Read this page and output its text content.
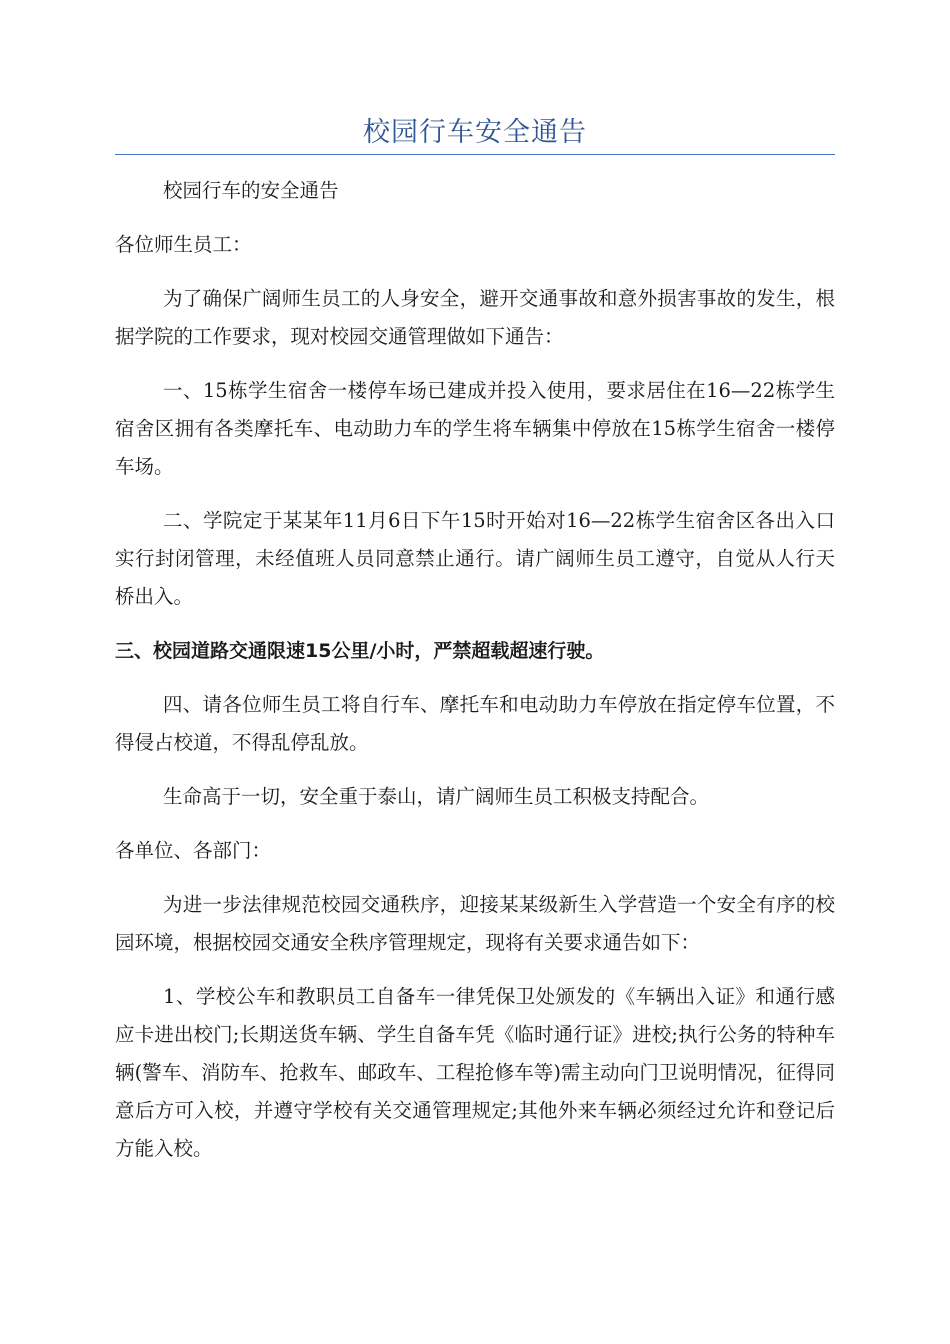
校园行车安全通告

校园行车的安全通告

各位师生员工：

为了确保广阔师生员工的人身安全，避开交通事故和意外损害事故的发生，根据学院的工作要求，现对校园交通管理做如下通告：

一、15栋学生宿舍一楼停车场已建成并投入使用，要求居住在16—22栋学生宿舍区拥有各类摩托车、电动助力车的学生将车辆集中停放在15栋学生宿舍一楼停车场。

二、学院定于某某年11月6日下午15时开始对16—22栋学生宿舍区各出入口实行封闭管理，未经值班人员同意禁止通行。请广阔师生员工遵守，自觉从人行天桥出入。

三、校园道路交通限速15公里/小时，严禁超载超速行驶。

四、请各位师生员工将自行车、摩托车和电动助力车停放在指定停车位置，不得侵占校道，不得乱停乱放。

生命高于一切，安全重于泰山，请广阔师生员工积极支持配合。

各单位、各部门：

为进一步法律规范校园交通秩序，迎接某某级新生入学营造一个安全有序的校园环境，根据校园交通安全秩序管理规定，现将有关要求通告如下：

1、学校公车和教职员工自备车一律凭保卫处颁发的《车辆出入证》和通行感应卡进出校门;长期送货车辆、学生自备车凭《临时通行证》进校;执行公务的特种车辆(警车、消防车、抢救车、邮政车、工程抢修车等)需主动向门卫说明情况，征得同意后方可入校，并遵守学校有关交通管理规定;其他外来车辆必须经过允许和登记后方能入校。
